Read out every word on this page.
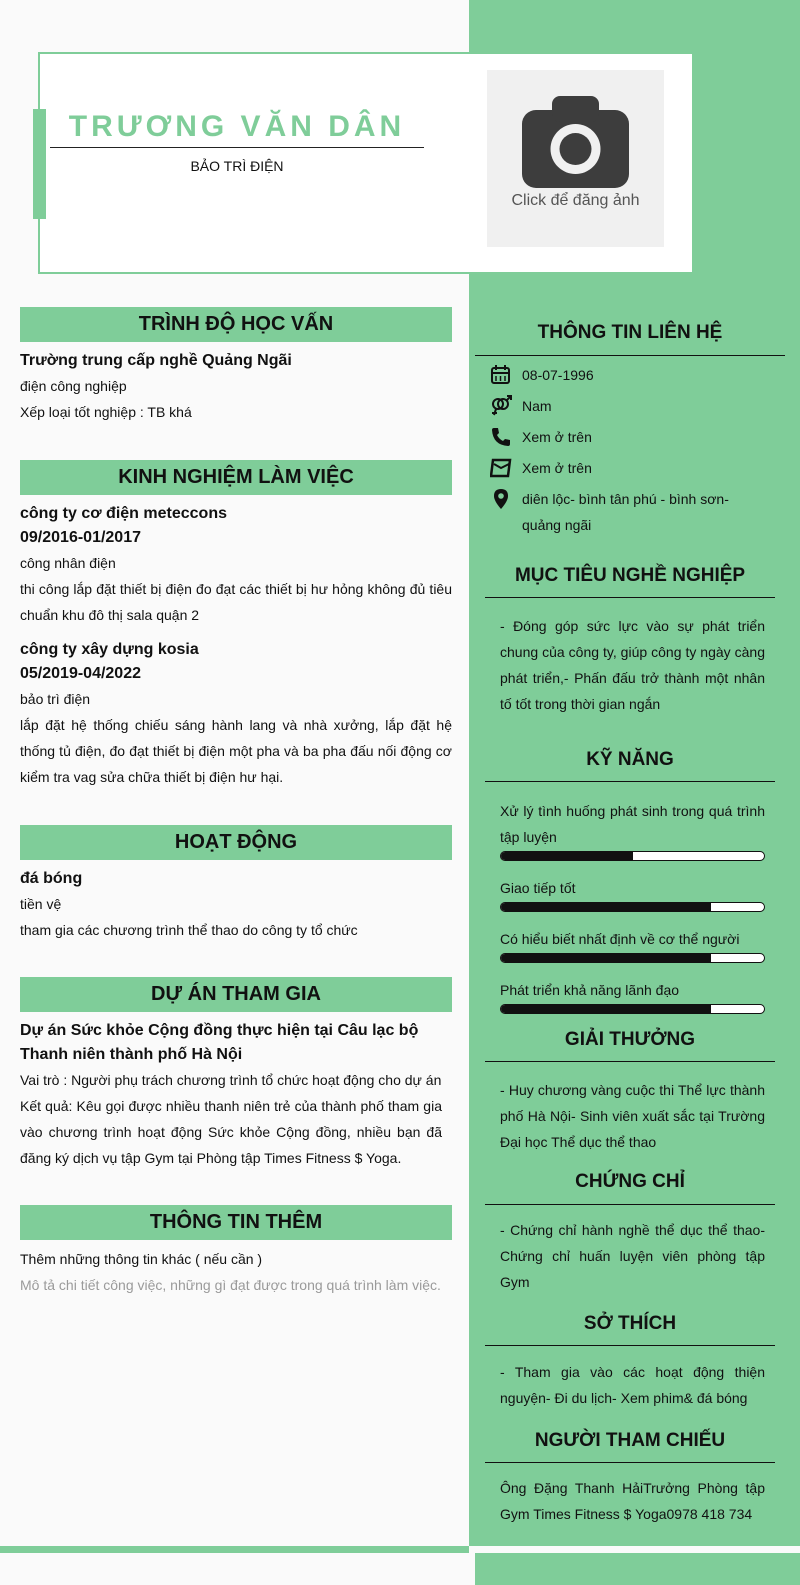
TRƯƠNG VĂN DÂN
BẢO TRÌ ĐIỆN
Click để đăng ảnh
TRÌNH ĐỘ HỌC VẤN
Trường trung cấp nghề Quảng Ngãi
điện công nghiệp
Xếp loại tốt nghiệp : TB khá
KINH NGHIỆM LÀM VIỆC
công ty cơ điện meteccons
09/2016-01/2017
công nhân điện
thi công lắp đặt thiết bị điện đo đạt các thiết bị hư hỏng không đủ tiêu chuẩn khu đô thị sala quận 2
công ty xây dựng kosia
05/2019-04/2022
bảo trì điện
lắp đặt hệ thống chiếu sáng hành lang và nhà xưởng, lắp đặt hệ thống tủ điện, đo đạt thiết bị điện một pha và ba pha đấu nối động cơ kiểm tra vag sửa chữa thiết bị điện hư hại.
HOẠT ĐỘNG
đá bóng
tiền vệ
tham gia các chương trình thể thao do công ty tổ chức
DỰ ÁN THAM GIA
Dự án Sức khỏe Cộng đồng thực hiện tại Câu lạc bộ Thanh niên thành phố Hà Nội
Vai trò : Người phụ trách chương trình tổ chức hoạt động cho dự án
Kết quả: Kêu gọi được nhiều thanh niên trẻ của thành phố tham gia vào chương trình hoạt động Sức khỏe Cộng đồng, nhiều bạn đã đăng ký dịch vụ tập Gym tại Phòng tập Times Fitness $ Yoga.
THÔNG TIN THÊM
Thêm những thông tin khác ( nếu cần )
Mô tả chi tiết công việc, những gì đạt được trong quá trình làm việc.
THÔNG TIN LIÊN HỆ
08-07-1996
Nam
Xem ở trên
Xem ở trên
diên lộc- bình tân phú - bình sơn- quảng ngãi
MỤC TIÊU NGHỀ NGHIỆP
- Đóng góp sức lực vào sự phát triển chung của công ty, giúp công ty ngày càng phát triển,- Phấn đấu trở thành một nhân tố tốt trong thời gian ngắn
KỸ NĂNG
Xử lý tình huống phát sinh trong quá trình tập luyện
Giao tiếp tốt
Có hiểu biết nhất định về cơ thể người
Phát triển khả năng lãnh đạo
GIẢI THƯỞNG
- Huy chương vàng cuộc thi Thể lực thành phố Hà Nội- Sinh viên xuất sắc tại Trường Đại học Thể dục thể thao
CHỨNG CHỈ
- Chứng chỉ hành nghề thể dục thể thao- Chứng chỉ huấn luyện viên phòng tập Gym
SỞ THÍCH
- Tham gia vào các hoạt động thiện nguyện- Đi du lịch- Xem phim& đá bóng
NGƯỜI THAM CHIẾU
Ông Đặng Thanh HảiTrưởng Phòng tập Gym Times Fitness $ Yoga0978 418 734
